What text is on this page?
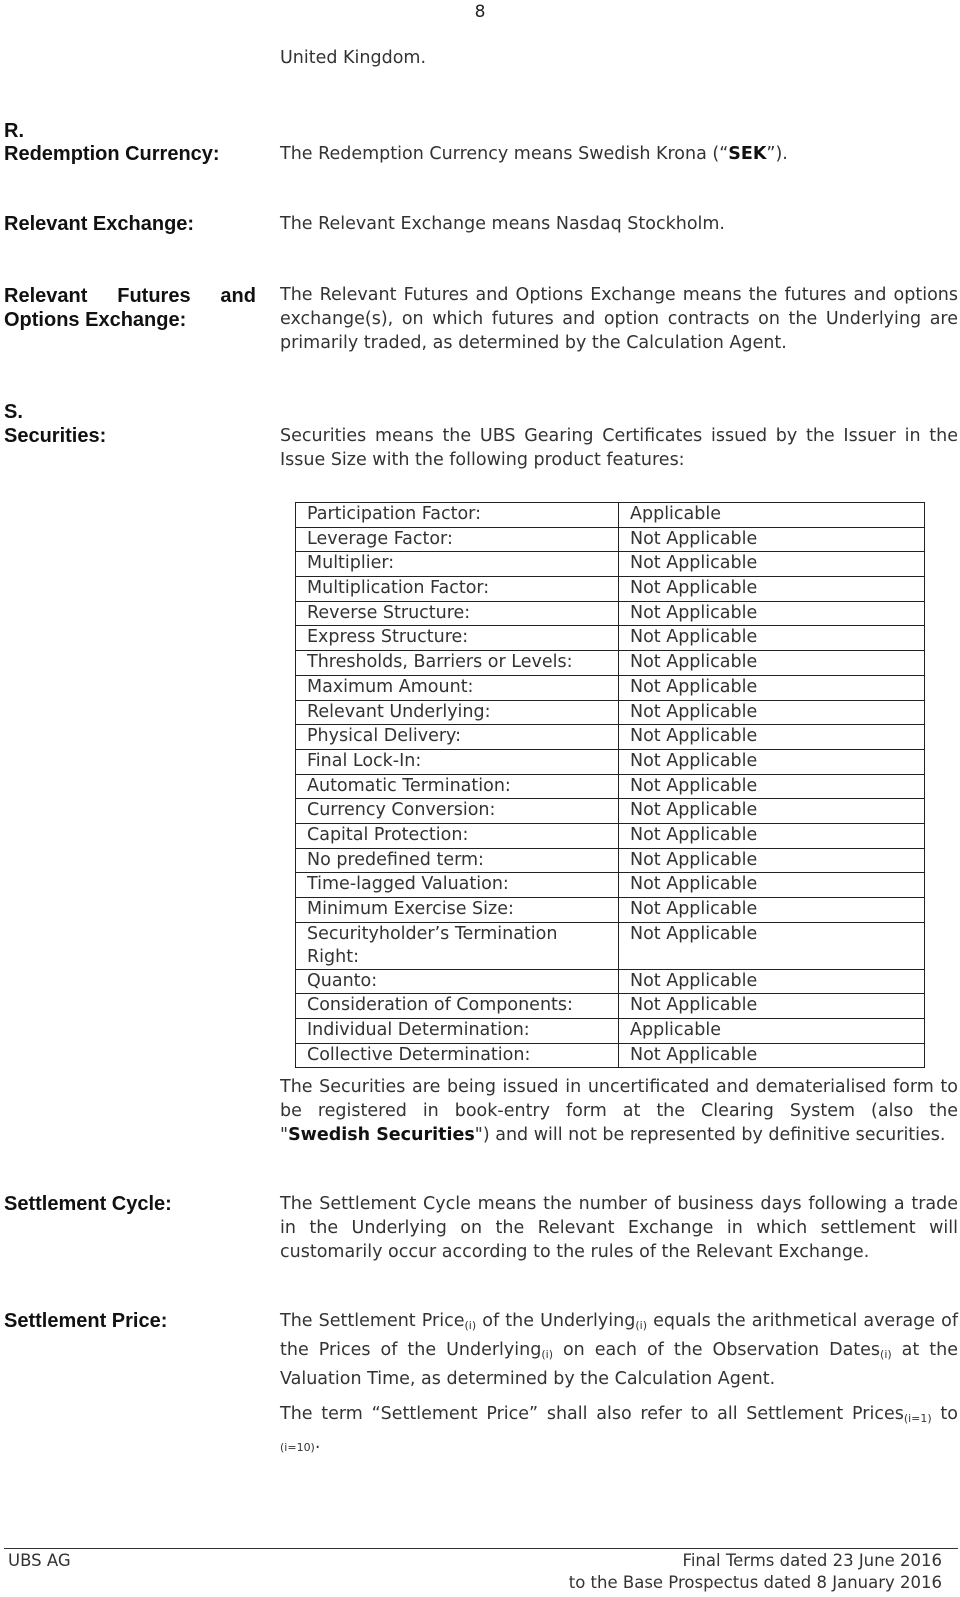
8
United Kingdom.
R.
Redemption Currency:	The Redemption Currency means Swedish Krona (“SEK”).
Relevant Exchange:	The Relevant Exchange means Nasdaq Stockholm.
Relevant Futures and
Options Exchange:
The Relevant Futures and Options Exchange means the futures and options
exchange(s), on which futures and option contracts on the Underlying are
primarily traded, as determined by the Calculation Agent.
S.
Securities:	Securities means the UBS Gearing Certificates issued by the Issuer in the
Issue Size with the following product features:
Participation Factor:	Applicable
Leverage Factor:	Not Applicable
Multiplier:	Not Applicable
Multiplication Factor:	Not Applicable
Reverse Structure:	Not Applicable
Express Structure:	Not Applicable
Thresholds, Barriers or Levels:	Not Applicable
Maximum Amount:	Not Applicable
Relevant Underlying:	Not Applicable
Physical Delivery:	Not Applicable
Final Lock-In:	Not Applicable
Automatic Termination:	Not Applicable
Currency Conversion:	Not Applicable
Capital Protection:	Not Applicable
No predefined term:	Not Applicable
Time-lagged Valuation:	Not Applicable
Minimum Exercise Size:	Not Applicable
Securityholder’s Termination Right:	Not Applicable
Quanto:	Not Applicable
Consideration of Components:	Not Applicable
Individual Determination:	Applicable
Collective Determination:	Not Applicable
The Securities are being issued in uncertificated and dematerialised form to
be registered in book-entry form at the Clearing System (also the
"Swedish Securities") and will not be represented by definitive securities.
Settlement Cycle:	The Settlement Cycle means the number of business days following a trade
in the Underlying on the Relevant Exchange in which settlement will
customarily occur according to the rules of the Relevant Exchange.
Settlement Price:	The Settlement Price$_{(i)}$ of the Underlying$_{(i)}$ equals the arithmetical average of
the Prices of the Underlying$_{(i)}$ on each of the Observation Dates$_{(i)}$ at the
Valuation Time, as determined by the Calculation Agent.
The term “Settlement Price” shall also refer to all Settlement Prices$_{(i=1)}$ to
$_{(i=10)}$.
UBS AG	Final Terms dated 23 June 2016
to the Base Prospectus dated 8 January 2016
